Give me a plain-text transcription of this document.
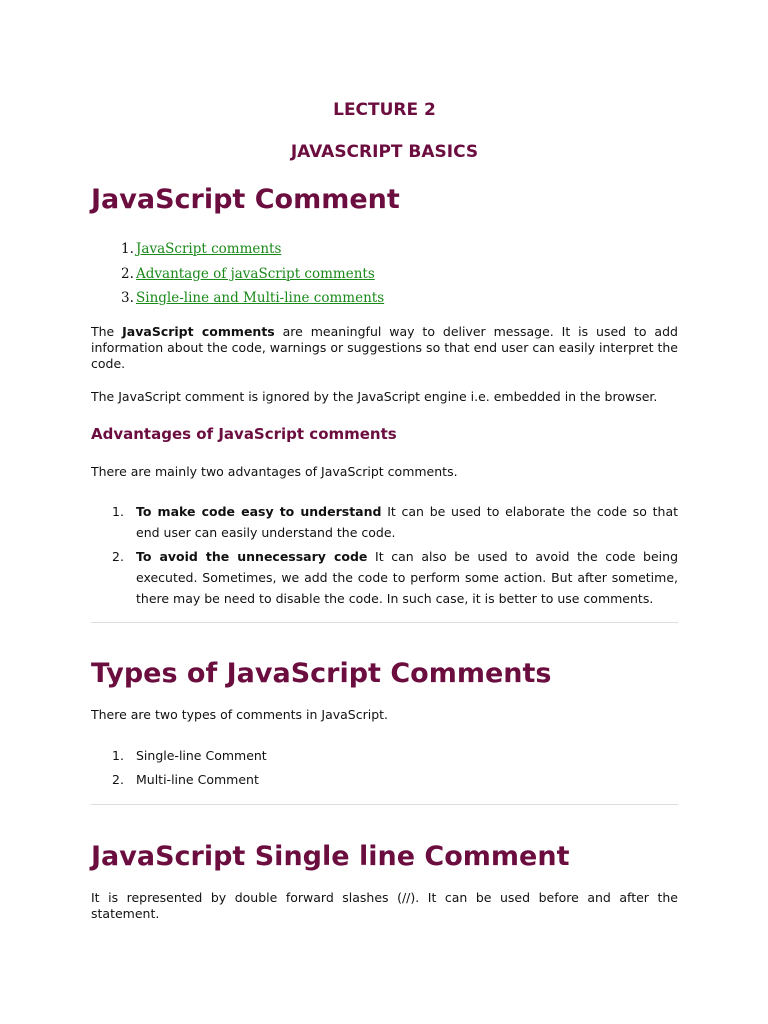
LECTURE 2
JAVASCRIPT BASICS
JavaScript Comment
1. JavaScript comments
2. Advantage of javaScript comments
3. Single-line and Multi-line comments

The JavaScript comments are meaningful way to deliver message. It is used to add information about the code, warnings or suggestions so that end user can easily interpret the code.

The JavaScript comment is ignored by the JavaScript engine i.e. embedded in the browser.

Advantages of JavaScript comments

There are mainly two advantages of JavaScript comments.

1. To make code easy to understand It can be used to elaborate the code so that end user can easily understand the code.
2. To avoid the unnecessary code It can also be used to avoid the code being executed. Sometimes, we add the code to perform some action. But after sometime, there may be need to disable the code. In such case, it is better to use comments.
Types of JavaScript Comments

There are two types of comments in JavaScript.

1. Single-line Comment
2. Multi-line Comment
JavaScript Single line Comment

It is represented by double forward slashes (//). It can be used before and after the statement.
